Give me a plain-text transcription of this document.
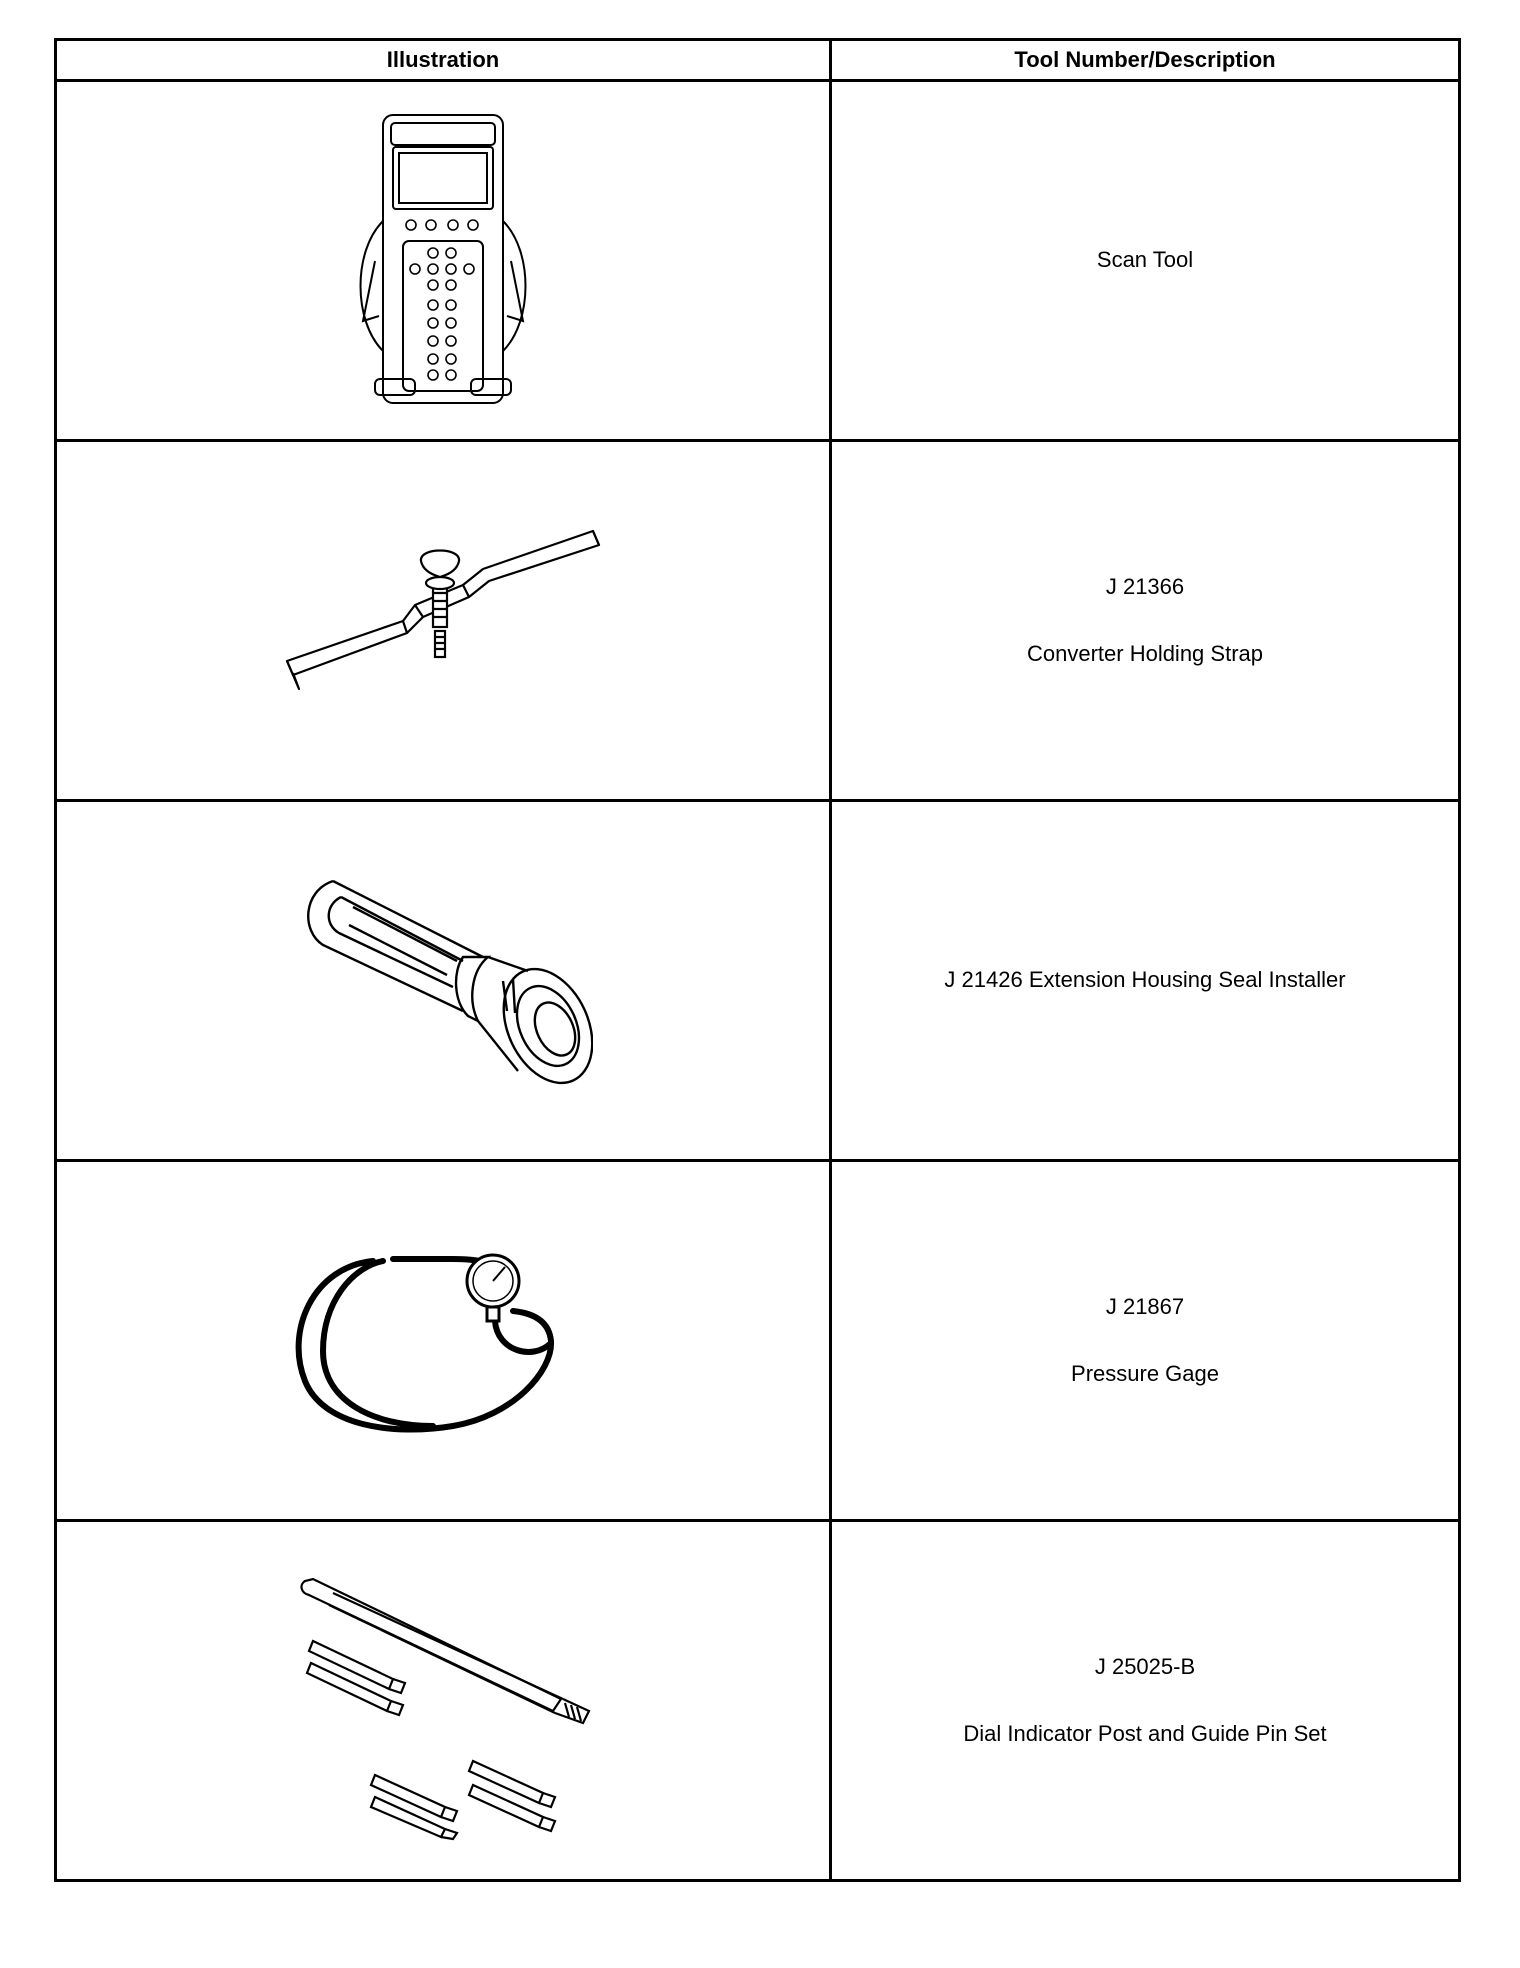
Illustration	Tool Number/Description

Scan Tool

J 21366
Converter Holding Strap

J 21426 Extension Housing Seal Installer

J 21867
Pressure Gage

J 25025-B
Dial Indicator Post and Guide Pin Set
